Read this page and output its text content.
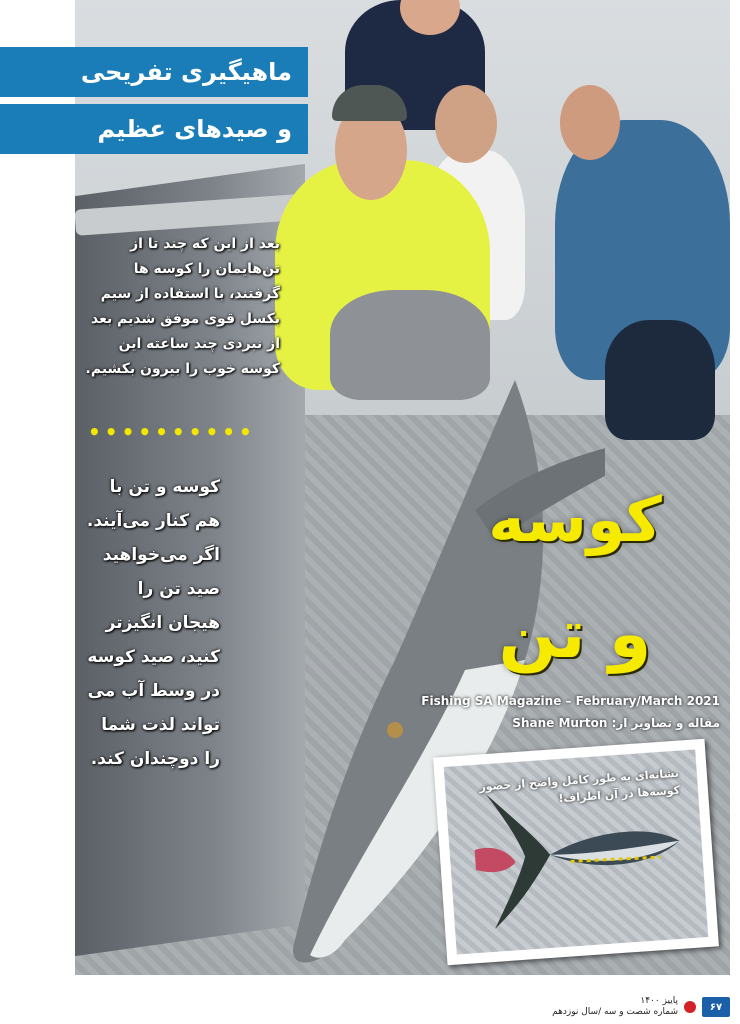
ماهیگیری تفریحی
و صیدهای عظیم
بعد از این که چند تا از تن‌هایمان را کوسه ها گرفتند، با استفاده از سیم بکسل قوی موفق شدیم بعد از نبردی چند ساعته این کوسه خوب را بیرون بکشیم.
••••••••••
کوسه و تن با هم کنار می‌آیند. اگر می‌خواهید صید تن را هیجان انگیزتر کنید، صید کوسه در وسط آب می تواند لذت شما را دوچندان کند.
کوسه
و تن
Fishing SA Magazine – February/March 2021
مقاله و تصاویر از: Shane Murton
نشانه‌ای به طور کامل واضح از حضور کوسه‌ها در آن اطراف!
پاییز ۱۴۰۰
شماره شصت و سه /سال نوزدهم	۶۷
